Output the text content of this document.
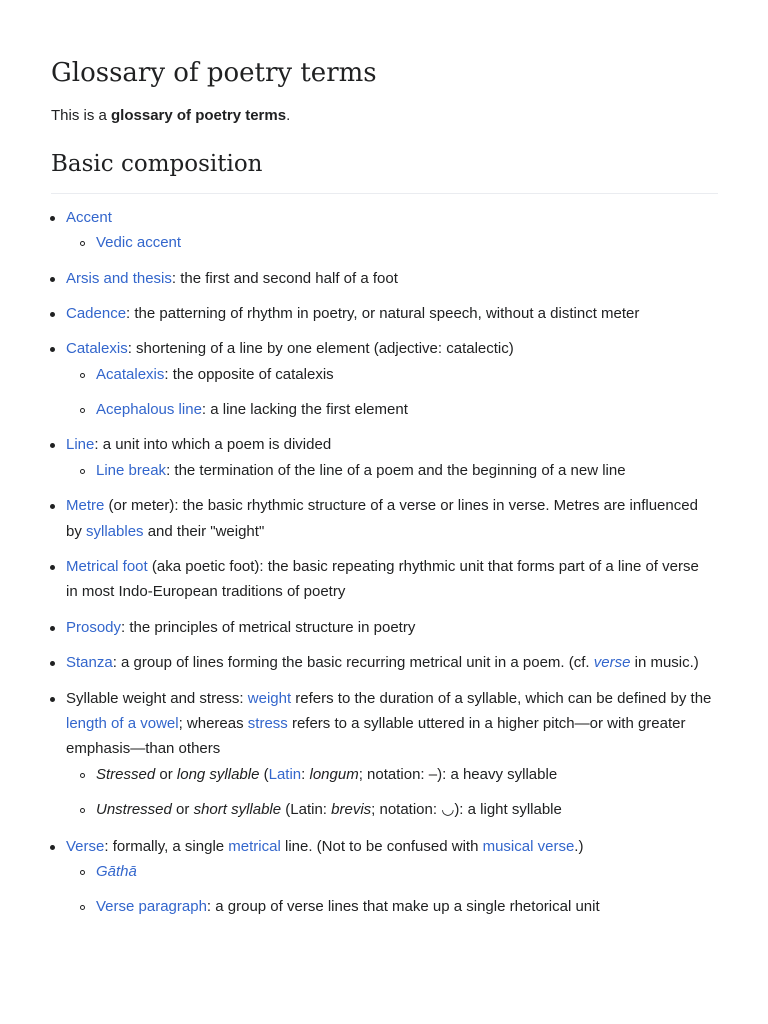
Glossary of poetry terms

This is a glossary of poetry terms.

Basic composition

Accent

Vedic accent

Arsis and thesis: the first and second half of a foot

Cadence: the patterning of rhythm in poetry, or natural speech, without a distinct meter

Catalexis: shortening of a line by one element (adjective: catalectic)

Acatalexis: the opposite of catalexis

Acephalous line: a line lacking the first element

Line: a unit into which a poem is divided

Line break: the termination of the line of a poem and the beginning of a new line

Metre (or meter): the basic rhythmic structure of a verse or lines in verse. Metres are influenced

by syllables and their "weight"

Metrical foot (aka poetic foot): the basic repeating rhythmic unit that forms part of a line of verse

in most Indo-European traditions of poetry

Prosody: the principles of metrical structure in poetry

Stanza: a group of lines forming the basic recurring metrical unit in a poem. (cf. verse in music.)

Syllable weight and stress: weight refers to the duration of a syllable, which can be defined by the

length of a vowel; whereas stress refers to a syllable uttered in a higher pitch—or with greater

emphasis—than others

Stressed or long syllable (Latin: longum; notation: –): a heavy syllable

Unstressed or short syllable (Latin: brevis; notation: ◡): a light syllable

Verse: formally, a single metrical line. (Not to be confused with musical verse.)

Gāthā

Verse paragraph: a group of verse lines that make up a single rhetorical unit
